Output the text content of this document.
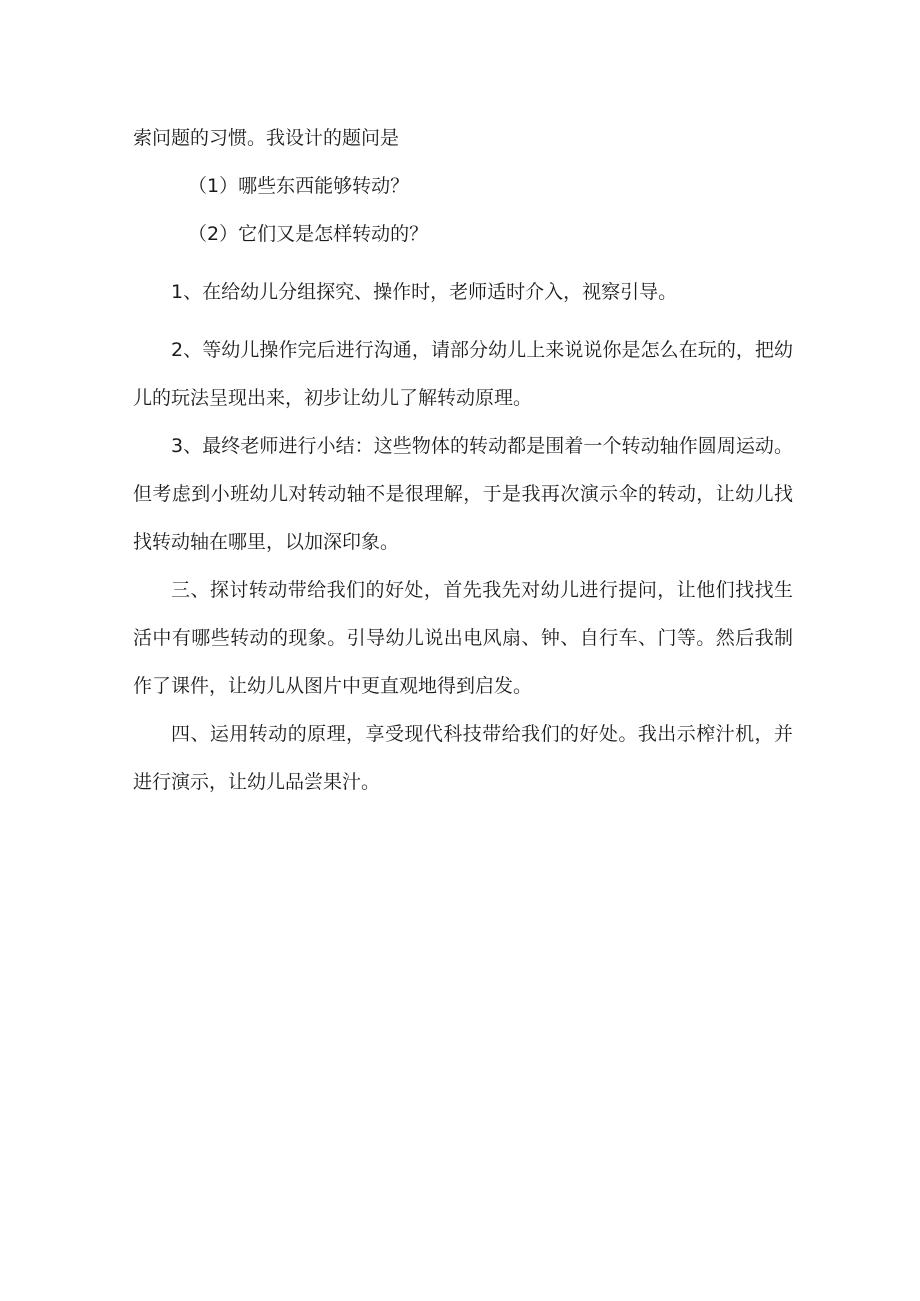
索问题的习惯。我设计的题问是

（1）哪些东西能够转动？

（2）它们又是怎样转动的？

1、在给幼儿分组探究、操作时，老师适时介入，视察引导。

2、等幼儿操作完后进行沟通，请部分幼儿上来说说你是怎么在玩的，把幼儿的玩法呈现出来，初步让幼儿了解转动原理。

3、最终老师进行小结：这些物体的转动都是围着一个转动轴作圆周运动。但考虑到小班幼儿对转动轴不是很理解，于是我再次演示伞的转动，让幼儿找找转动轴在哪里，以加深印象。

三、探讨转动带给我们的好处，首先我先对幼儿进行提问，让他们找找生活中有哪些转动的现象。引导幼儿说出电风扇、钟、自行车、门等。然后我制作了课件，让幼儿从图片中更直观地得到启发。

四、运用转动的原理，享受现代科技带给我们的好处。我出示榨汁机，并进行演示，让幼儿品尝果汁。
